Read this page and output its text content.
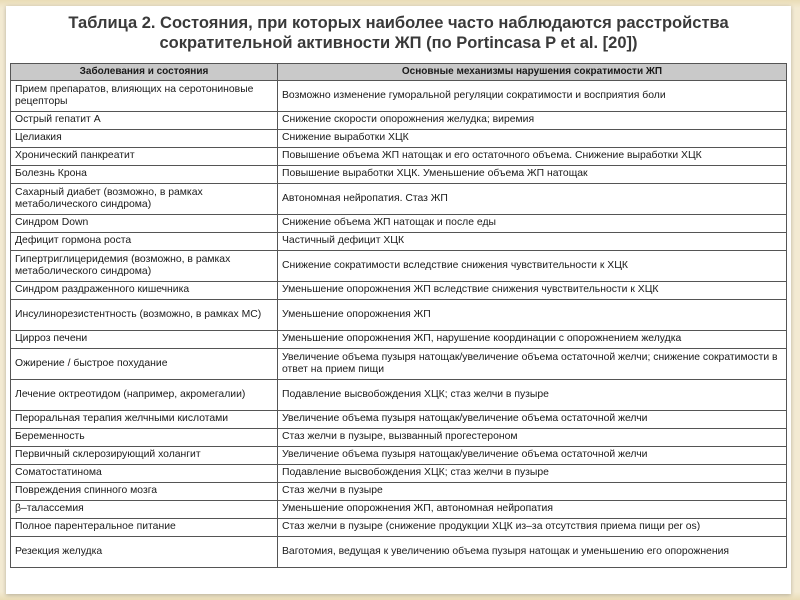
Таблица 2. Состояния, при которых наиболее часто наблюдаются расстройства сократительной активности ЖП (по Portincasa P et al. [20])
Заболевания и состояния	Основные механизмы нарушения сократимости ЖП
Прием препаратов, влияющих на серотониновые рецепторы	Возможно изменение гуморальной регуляции сократимости и восприятия боли
Острый гепатит А	Снижение скорости опорожнения желудка; виремия
Целиакия	Снижение выработки ХЦК
Хронический панкреатит	Повышение объема ЖП натощак и его остаточного объема. Снижение выработки ХЦК
Болезнь Крона	Повышение выработки ХЦК. Уменьшение объема ЖП натощак
Сахарный диабет (возможно, в рамках метаболического синдрома)	Автономная нейропатия. Стаз ЖП
Синдром Down	Снижение объема ЖП натощак и после еды
Дефицит гормона роста	Частичный дефицит ХЦК
Гипертриглицеридемия (возможно, в рамках метаболического синдрома)	Снижение сократимости вследствие снижения чувствительности к ХЦК
Синдром раздраженного кишечника	Уменьшение опорожнения ЖП вследствие снижения чувствительности к ХЦК
Инсулинорезистентность (возможно, в рамках МС)	Уменьшение опорожнения ЖП
Цирроз печени	Уменьшение опорожнения ЖП, нарушение координации с опорожнением желудка
Ожирение / быстрое похудание	Увеличение объема пузыря натощак/увеличение объема остаточной желчи; снижение сократимости в ответ на прием пищи
Лечение октреотидом (например, акромегалии)	Подавление высвобождения ХЦК; стаз желчи в пузыре
Пероральная терапия желчными кислотами	Увеличение объема пузыря натощак/увеличение объема остаточной желчи
Беременность	Стаз желчи в пузыре, вызванный прогестероном
Первичный склерозирующий холангит	Увеличение объема пузыря натощак/увеличение объема остаточной желчи
Соматостатинома	Подавление высвобождения ХЦК; стаз желчи в пузыре
Повреждения спинного мозга	Стаз желчи в пузыре
β–талассемия	Уменьшение опорожнения ЖП, автономная нейропатия
Полное парентеральное питание	Стаз желчи в пузыре (снижение продукции ХЦК из–за отсутствия приема пищи per os)
Резекция желудка	Ваготомия, ведущая к увеличению объема пузыря натощак и уменьшению его опорожнения
